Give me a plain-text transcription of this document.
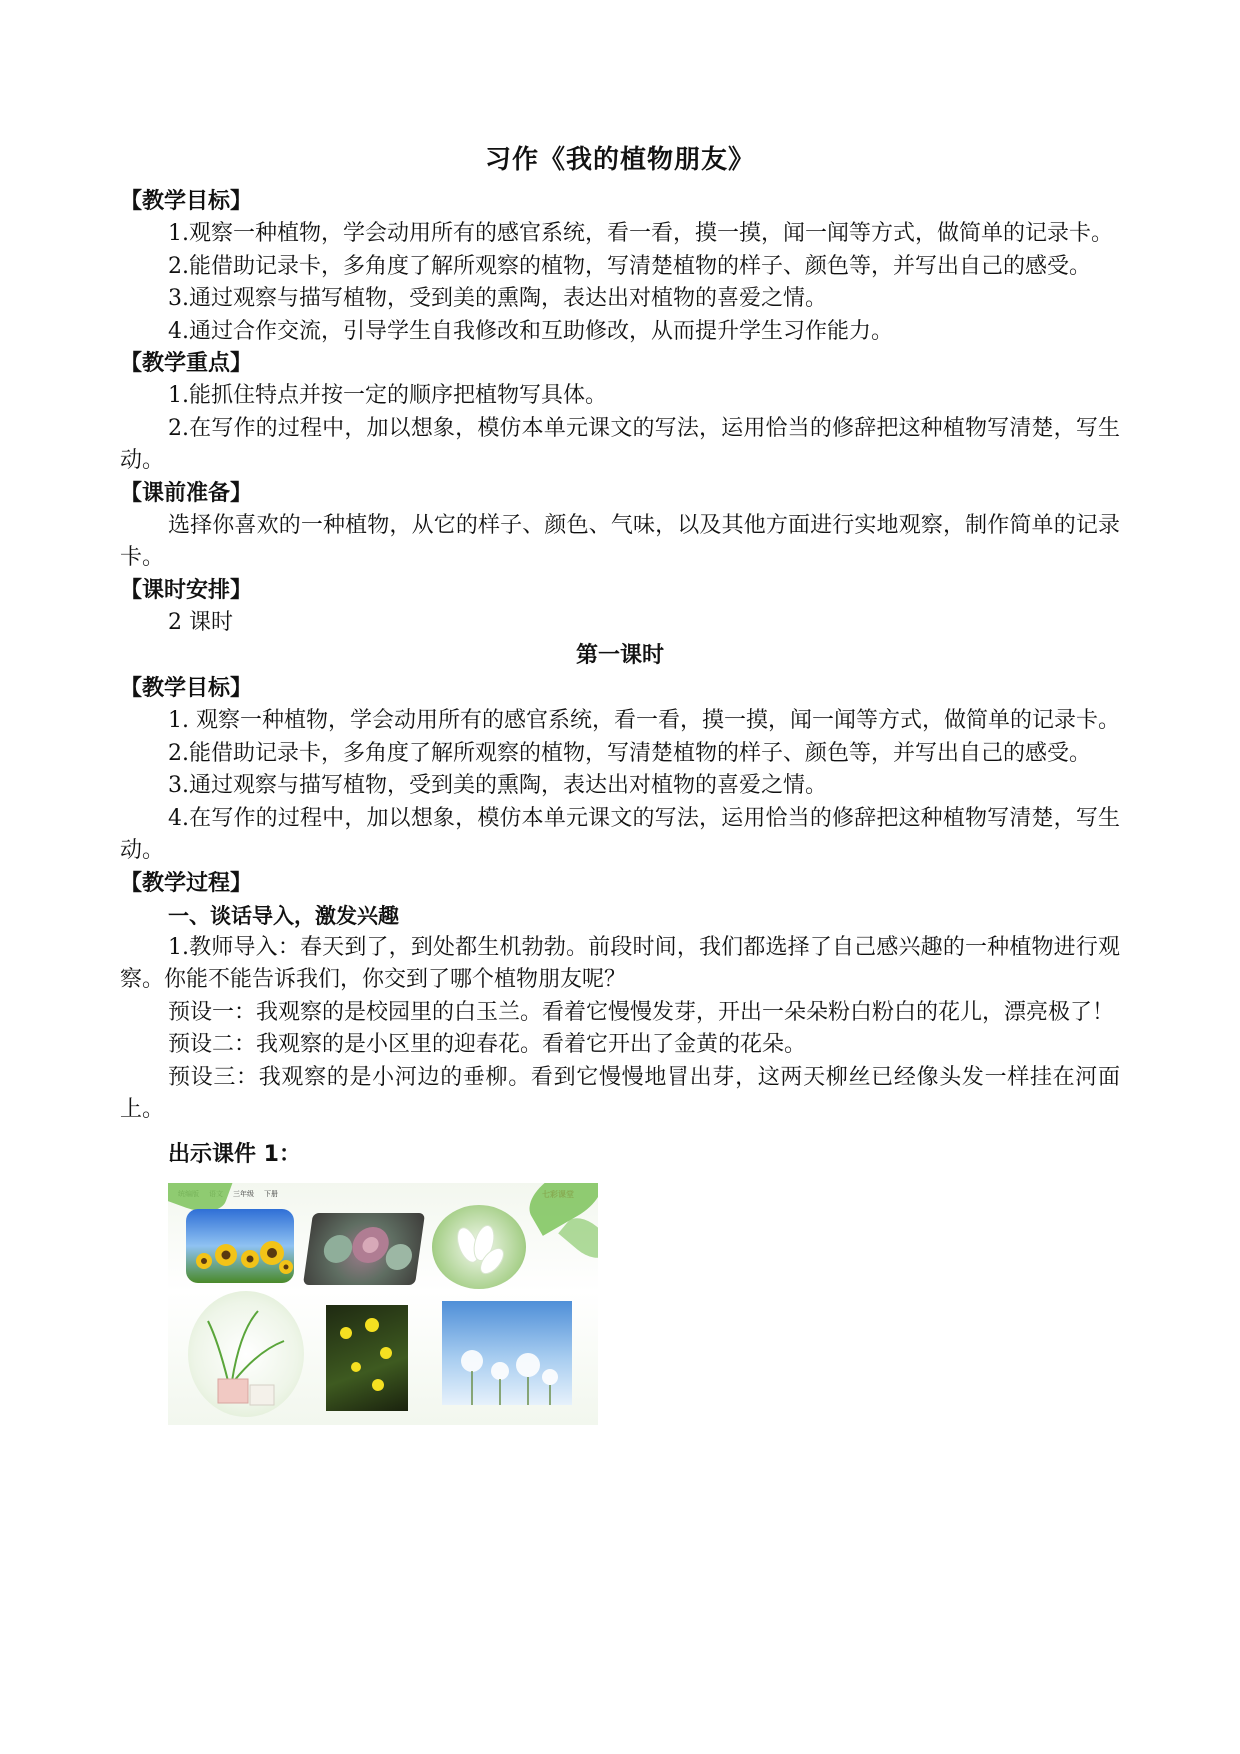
习作《我的植物朋友》
【教学目标】

1.观察一种植物，学会动用所有的感官系统，看一看，摸一摸，闻一闻等方式，做简单的记录卡。

2.能借助记录卡，多角度了解所观察的植物，写清楚植物的样子、颜色等，并写出自己的感受。

3.通过观察与描写植物，受到美的熏陶，表达出对植物的喜爱之情。

4.通过合作交流，引导学生自我修改和互助修改，从而提升学生习作能力。

【教学重点】

1.能抓住特点并按一定的顺序把植物写具体。

2.在写作的过程中，加以想象，模仿本单元课文的写法，运用恰当的修辞把这种植物写清楚，写生动。

【课前准备】

选择你喜欢的一种植物，从它的样子、颜色、气味，以及其他方面进行实地观察，制作简单的记录卡。

【课时安排】

2 课时

第一课时
【教学目标】

1. 观察一种植物，学会动用所有的感官系统，看一看，摸一摸，闻一闻等方式，做简单的记录卡。

2.能借助记录卡，多角度了解所观察的植物，写清楚植物的样子、颜色等，并写出自己的感受。

3.通过观察与描写植物，受到美的熏陶，表达出对植物的喜爱之情。

4.在写作的过程中，加以想象，模仿本单元课文的写法，运用恰当的修辞把这种植物写清楚，写生动。

【教学过程】
一、谈话导入，激发兴趣

1.教师导入：春天到了，到处都生机勃勃。前段时间，我们都选择了自己感兴趣的一种植物进行观察。你能不能告诉我们，你交到了哪个植物朋友呢？

预设一：我观察的是校园里的白玉兰。看着它慢慢发芽，开出一朵朵粉白粉白的花儿，漂亮极了！

预设二：我观察的是小区里的迎春花。看着它开出了金黄的花朵。

预设三：我观察的是小河边的垂柳。看到它慢慢地冒出芽，这两天柳丝已经像头发一样挂在河面上。

出示课件 1：
三年级 下册
